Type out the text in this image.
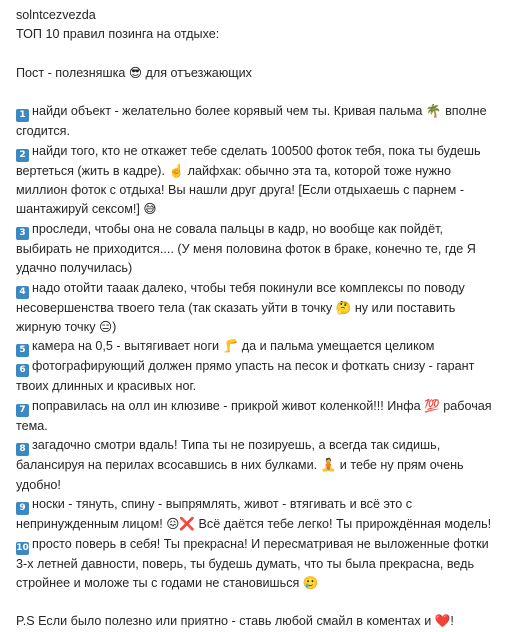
solntcezvezda
ТОП 10 правил позинга на отдыхе:
Пост - полезняшка 😎 для отъезжающих
1 найди объект - желательно более корявый чем ты. Кривая пальма 🌴 вполне сгодится.
2 найди того, кто не откажет тебе сделать 100500 фоток тебя, пока ты будешь вертеться (жить в кадре). ☝️ лайфхак: обычно эта та, которой тоже нужно миллион фоток с отдыха! Вы нашли друг друга! [Если отдыхаешь с парнем - шантажируй сексом!] 😅
3 проследи, чтобы она не совала пальцы в кадр, но вообще как пойдёт, выбирать не приходится.... (У меня половина фоток в браке, конечно те, где Я удачно получилась)
4 надо отойти тааак далеко, чтобы тебя покинули все комплексы по поводу несовершенства твоего тела (так сказать уйти в точку 🤔 ну или поставить жирную точку 😑)
5 камера на 0,5 - вытягивает ноги 🦵 да и пальма умещается целиком
6 фотографирующий должен прямо упасть на песок и фоткать снизу - гарант твоих длинных и красивых ног.
7 поправилась на олл ин клюзиве - прикрой живот коленкой!!! Инфа 💯 рабочая тема.
8 загадочно смотри вдаль! Типа ты не позируешь, а всегда так сидишь, балансируя на перилах всосавшись в них булками. 🧘 и тебе ну прям очень удобно!
9 носки - тянуть, спину - выпрямлять, живот - втягивать и всё это с непринужденным лицом! 😖❌ Всё даётся тебе легко! Ты прирождённая модель!
10 просто поверь в себя! Ты прекрасна! И пересматривая не выложенные фотки 3-х летней давности, поверь, ты будешь думать, что ты была прекрасна, ведь стройнее и моложе ты с годами не становишься 🥲
P.S Если было полезно или приятно - ставь любой смайл в коментах и ❤️!
